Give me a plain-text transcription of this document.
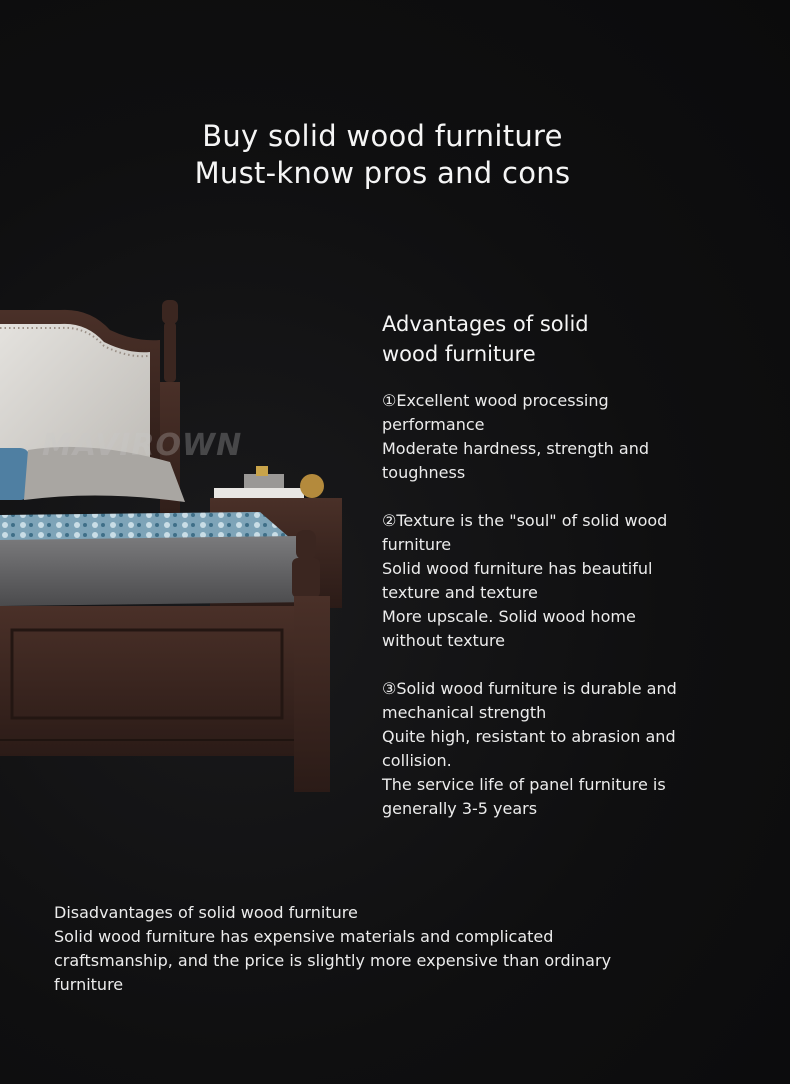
Buy solid wood furniture
Must-know pros and cons
MAVIROWN
Advantages of solid
wood furniture
①Excellent wood processing
performance
Moderate hardness, strength and
toughness
②Texture is the "soul" of solid wood
furniture
Solid wood furniture has beautiful
texture and texture
More upscale. Solid wood home
without texture
③Solid wood furniture is durable and
mechanical strength
Quite high, resistant to abrasion and
collision.
The service life of panel furniture is
generally 3-5 years
Disadvantages of solid wood furniture
Solid wood furniture has expensive materials and complicated
craftsmanship, and the price is slightly more expensive than ordinary
furniture
